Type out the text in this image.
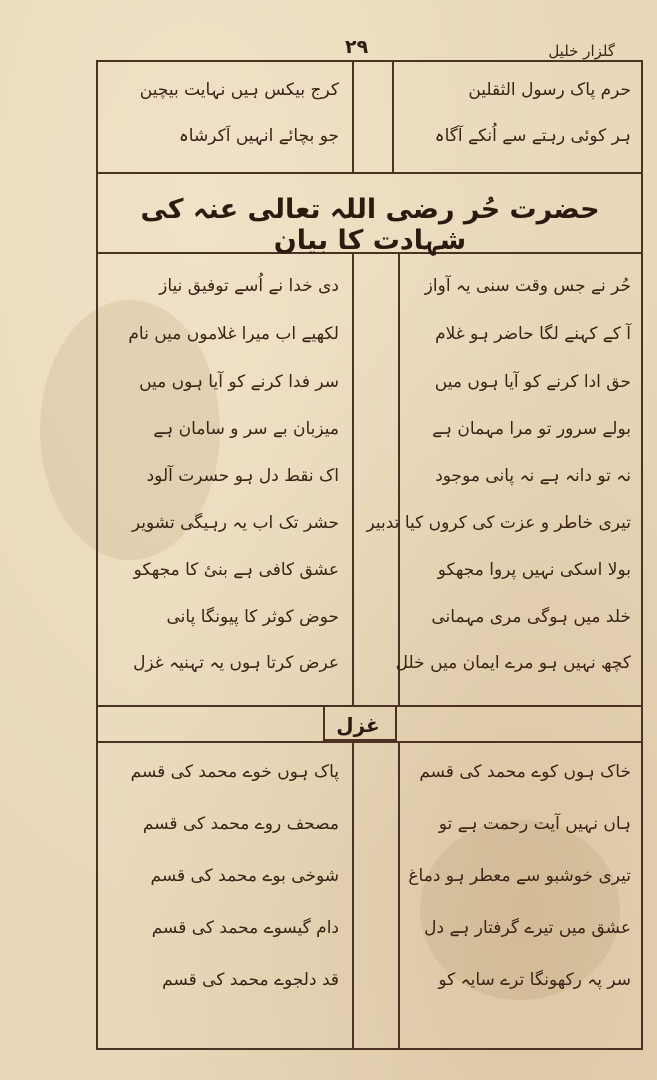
گلزار خلیل
۲۹
حرم پاک رسول الثقلین
ہر کوئی رہتے سے اُنکے آگاہ
کرج بیکس ہیں نہایت بیچین
جو بچائے انہیں اَکرشاہ
حضرت حُر رضی اللہ تعالی عنہ کی شہادت کا بیان
حُر نے جس وقت سنی یہ آواز
آ کے کہنے لگا حاضر ہو غلام
حق ادا کرنے کو آیا ہوں میں
بولے سرور تو مرا مہمان ہے
نہ تو دانہ ہے نہ پانی موجود
تیری خاطر و عزت کی کروں کیا تدبیر
بولا اسکی نہیں پروا مجھکو
خلد میں ہوگی مری مہمانی
کچھ نہیں ہو مرے ایمان میں خلل
دی خدا نے اُسے توفیق نیاز
لکھیے اب میرا غلاموں میں نام
سر فدا کرنے کو آیا ہوں میں
میزبان بے سر و سامان ہے
اک نقط دل ہو حسرت آلود
حشر تک اب یہ رہیگی تشویر
عشق کافی ہے بنیٔ کا مجھکو
حوض کوثر کا پیونگا پانی
عرض کرتا ہوں یہ تہنیہ غزل
غزل
خاک ہوں کوے محمد کی قسم
ہاں نہیں آیت رحمت ہے تو
تیری خوشبو سے معطر ہو دماغ
عشق میں تیرے گرفتار ہے دل
سر پہ رکھونگا ترے سایہ کو
پاک ہوں خوے محمد کی قسم
مصحف روے محمد کی قسم
شوخی بوے محمد کی قسم
دام گیسوے محمد کی قسم
قد دلجوے محمد کی قسم
